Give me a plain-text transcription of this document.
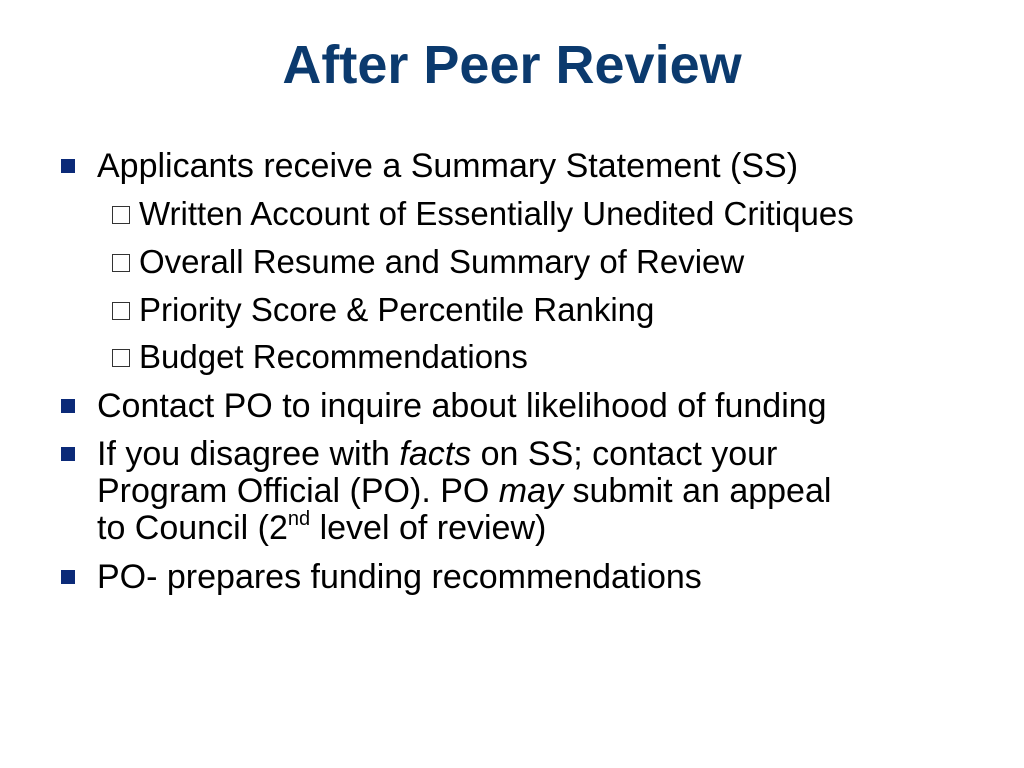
After Peer Review
Applicants receive a Summary Statement (SS)
Written Account of Essentially Unedited Critiques
Overall Resume and Summary of Review
Priority Score & Percentile Ranking
Budget Recommendations
Contact PO to inquire about likelihood of funding
If you disagree with facts on SS; contact your
Program Official (PO). PO may submit an appeal
to Council (2nd level of review)
PO- prepares funding recommendations
